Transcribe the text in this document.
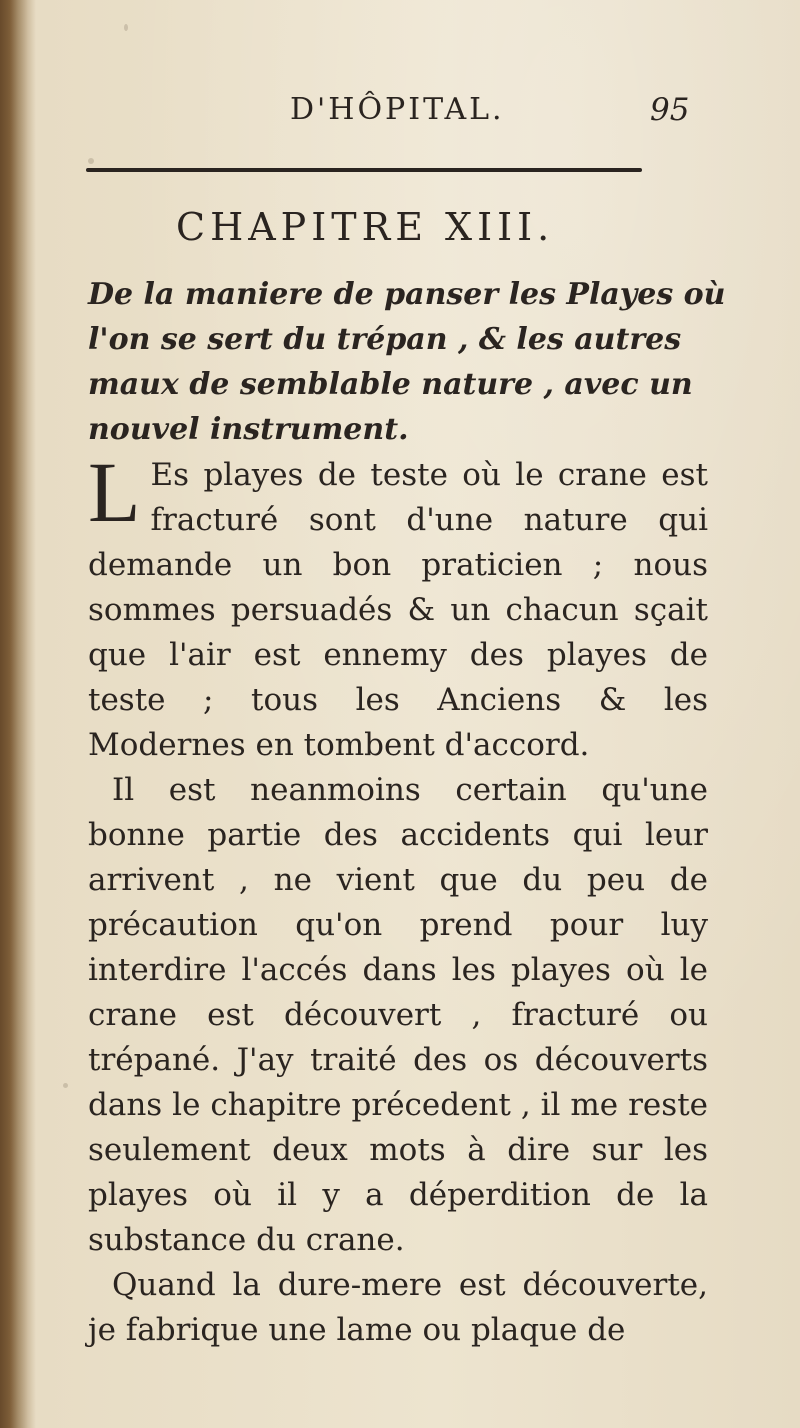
D'HÔPITAL.	95
CHAPITRE XIII.
De la maniere de panser les Playes où l'on se sert du trépan , & les autres maux de semblable nature , avec un nouvel instrument.

L Es playes de teste où le crane est fracturé sont d'une nature qui demande un bon praticien ; nous sommes persuadés & un chacun sçait que l'air est ennemy des playes de teste ; tous les Anciens & les Modernes en tombent d'accord.

Il est neanmoins certain qu'une bonne partie des accidents qui leur arrivent , ne vient que du peu de précaution qu'on prend pour luy interdire l'accés dans les playes où le crane est découvert , fracturé ou trépané. J'ay traité des os découverts dans le chapitre précedent , il me reste seulement deux mots à dire sur les playes où il y a déperdition de la substance du crane.

Quand la dure-mere est découverte, je fabrique une lame ou plaque de
